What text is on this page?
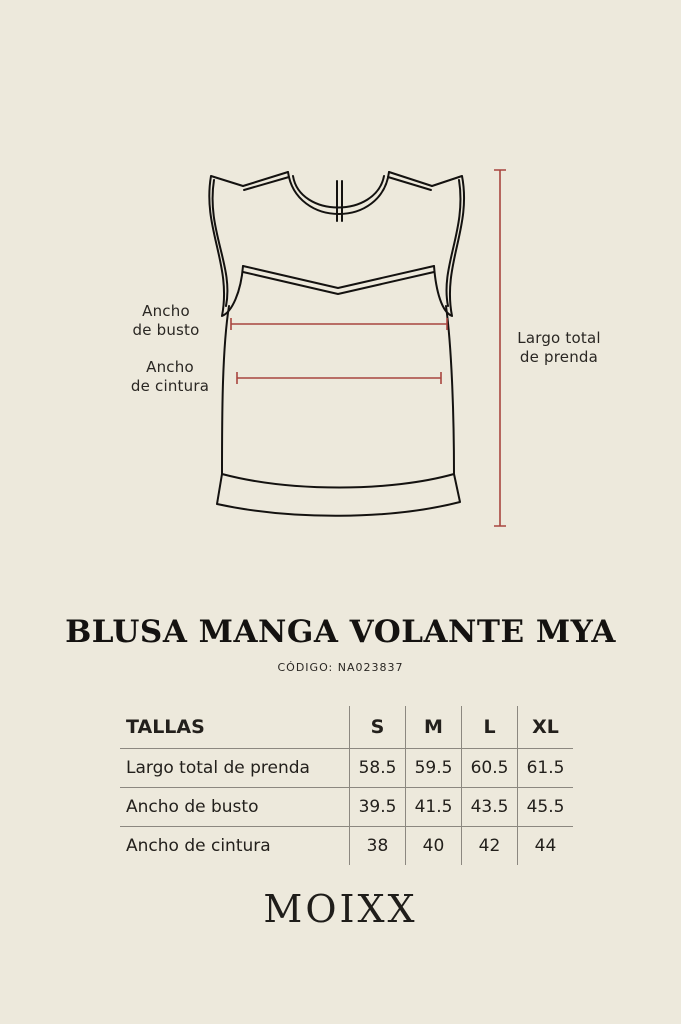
Ancho
de busto
Ancho
de cintura
Largo total
de prenda
BLUSA MANGA VOLANTE MYA
CÓDIGO: NA023837
TALLAS	S	M	L	XL
Largo total de prenda	58.5	59.5	60.5	61.5
Ancho de busto	39.5	41.5	43.5	45.5
Ancho de cintura	38	40	42	44
MOIXX
